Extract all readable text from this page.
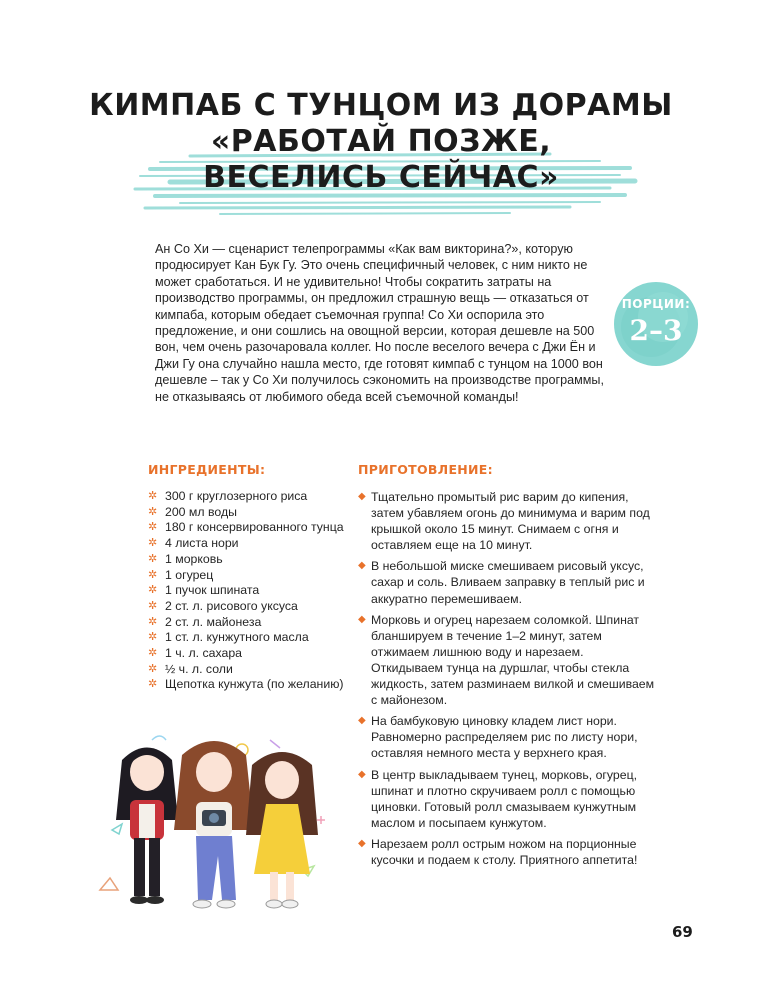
КИМПАБ С ТУНЦОМ ИЗ ДОРАМЫ
«РАБОТАЙ ПОЗЖЕ,
ВЕСЕЛИСЬ СЕЙЧАС»

Ан Со Хи — сценарист телепрограммы «Как вам викторина?», которую продюсирует Кан Бук Гу. Это очень специфичный человек, с ним никто не может сработаться. И не удивительно! Чтобы сократить затраты на производство программы, он предложил страшную вещь — отказаться от кимпаба, которым обедает съемочная группа! Со Хи оспорила это предложение, и они сошлись на овощной версии, которая дешевле на 500 вон, чем очень разочаровала коллег. Но после веселого вечера с Джи Ён и Джи Гу она случайно нашла место, где готовят кимпаб с тунцом на 1000 вон дешевле – так у Со Хи получилось сэкономить на производстве программы, не отказываясь от любимого обеда всей съемочной команды!

ПОРЦИИ:
2–3
ИНГРЕДИЕНТЫ:
✲ 300 г круглозерного риса
✲ 200 мл воды
✲ 180 г консервированного тунца
✲ 4 листа нори
✲ 1 морковь
✲ 1 огурец
✲ 1 пучок шпината
✲ 2 ст. л. рисового уксуса
✲ 2 ст. л. майонеза
✲ 1 ст. л. кунжутного масла
✲ 1 ч. л. сахара
✲ ½ ч. л. соли
✲ Щепотка кунжута (по желанию)
ПРИГОТОВЛЕНИЕ:
◆ Тщательно промытый рис варим до кипения, затем убавляем огонь до минимума и варим под крышкой около 15 минут. Снимаем с огня и оставляем еще на 10 минут.
◆ В небольшой миске смешиваем рисовый уксус, сахар и соль. Вливаем заправку в теплый рис и аккуратно перемешиваем.
◆ Морковь и огурец нарезаем соломкой. Шпинат бланшируем в течение 1–2 минут, затем отжимаем лишнюю воду и нарезаем. Откидываем тунца на дуршлаг, чтобы стекла жидкость, затем разминаем вилкой и смешиваем с майонезом.
◆ На бамбуковую циновку кладем лист нори. Равномерно распределяем рис по листу нори, оставляя немного места у верхнего края.
◆ В центр выкладываем тунец, морковь, огурец, шпинат и плотно скручиваем ролл с помощью циновки. Готовый ролл смазываем кунжутным маслом и посыпаем кунжутом.
◆ Нарезаем ролл острым ножом на порционные кусочки и подаем к столу. Приятного аппетита!
69
